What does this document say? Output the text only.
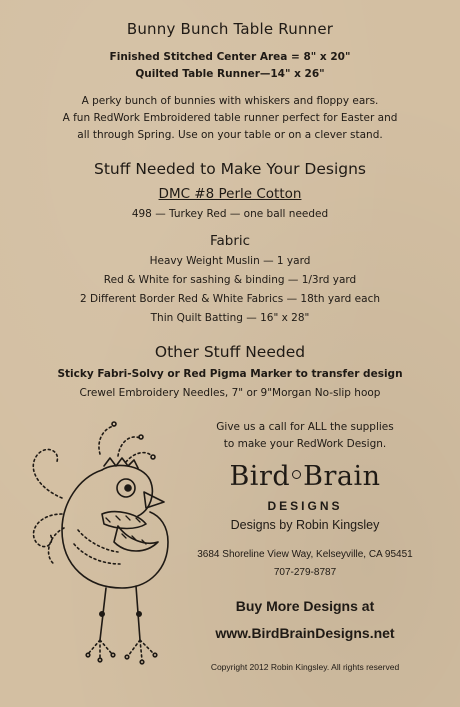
Bunny Bunch Table Runner
Finished Stitched Center Area = 8" x 20"
Quilted Table Runner—14" x 26"
A perky bunch of bunnies with whiskers and floppy ears.
A fun RedWork Embroidered table runner perfect for Easter and
all through Spring. Use on your table or on a clever stand.
Stuff Needed to Make Your Designs
DMC #8 Perle Cotton
498 — Turkey Red — one ball needed
Fabric
Heavy Weight Muslin — 1 yard
Red & White for sashing & binding — 1/3rd yard
2 Different Border Red & White Fabrics — 18th yard each
Thin Quilt Batting — 16" x 28"
Other Stuff Needed
Sticky Fabri-Solvy or Red Pigma Marker to transfer design
Crewel Embroidery Needles, 7" or 9"Morgan No-slip hoop
Give us a call for ALL the supplies
to make your RedWork Design.
Bird Brain
DESIGNS
Designs by Robin Kingsley
3684 Shoreline View Way, Kelseyville, CA 95451
707-279-8787
Buy More Designs at
www.BirdBrainDesigns.net
Copyright 2012 Robin Kingsley. All rights reserved
